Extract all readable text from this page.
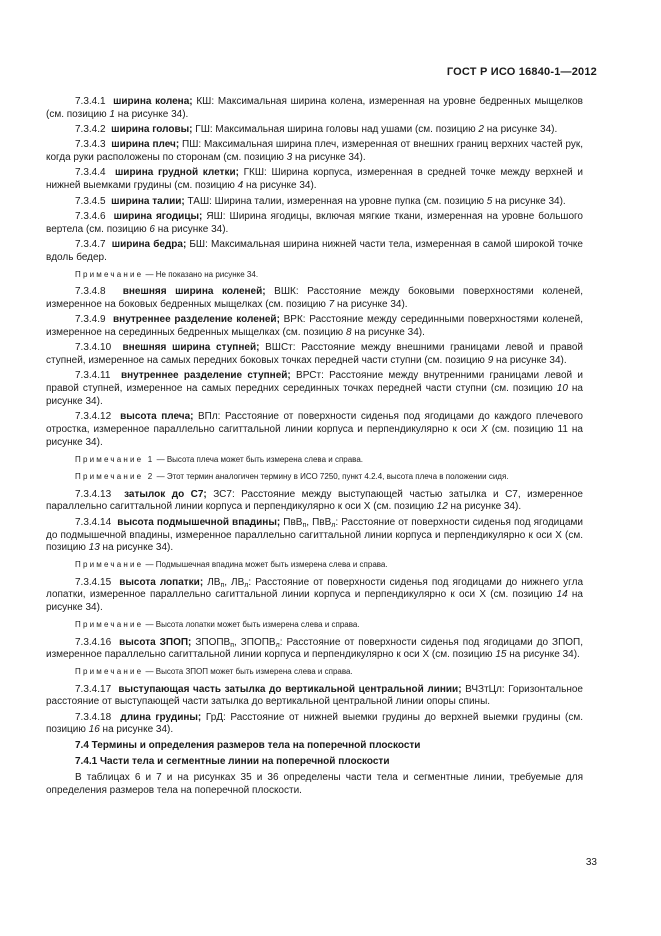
ГОСТ Р ИСО 16840-1—2012

7.3.4.1 ширина колена; КШ: Максимальная ширина колена, измеренная на уровне бедренных мыщелков (см. позицию 1 на рисунке 34).

7.3.4.2 ширина головы; ГШ: Максимальная ширина головы над ушами (см. позицию 2 на рисунке 34).

7.3.4.3 ширина плеч; ПШ: Максимальная ширина плеч, измеренная от внешних границ верхних частей рук, когда руки расположены по сторонам (см. позицию 3 на рисунке 34).

7.3.4.4 ширина грудной клетки; ГКШ: Ширина корпуса, измеренная в средней точке между верхней и нижней выемками грудины (см. позицию 4 на рисунке 34).

7.3.4.5 ширина талии; ТАШ: Ширина талии, измеренная на уровне пупка (см. позицию 5 на рисунке 34).

7.3.4.6 ширина ягодицы; ЯШ: Ширина ягодицы, включая мягкие ткани, измеренная на уровне большого вертела (см. позицию 6 на рисунке 34).

7.3.4.7 ширина бедра; БШ: Максимальная ширина нижней части тела, измеренная в самой широкой точке вдоль бедер.

Примечание — Не показано на рисунке 34.

7.3.4.8 внешняя ширина коленей; ВШК: Расстояние между боковыми поверхностями коленей, измеренное на боковых бедренных мыщелках (см. позицию 7 на рисунке 34).

7.3.4.9 внутреннее разделение коленей; ВРК: Расстояние между серединными поверхностями коленей, измеренное на серединных бедренных мыщелках (см. позицию 8 на рисунке 34).

7.3.4.10 внешняя ширина ступней; ВШСт: Расстояние между внешними границами левой и правой ступней, измеренное на самых передних боковых точках передней части ступни (см. позицию 9 на рисунке 34).

7.3.4.11 внутреннее разделение ступней; ВРСт: Расстояние между внутренними границами левой и правой ступней, измеренное на самых передних серединных точках передней части ступни (см. позицию 10 на рисунке 34).

7.3.4.12 высота плеча; ВПл: Расстояние от поверхности сиденья под ягодицами до каждого плечевого отростка, измеренное параллельно сагиттальной линии корпуса и перпендикулярно к оси X (см. позицию 11 на рисунке 34).

Примечание 1 — Высота плеча может быть измерена слева и справа.

Примечание 2 — Этот термин аналогичен термину в ИСО 7250, пункт 4.2.4, высота плеча в положении сидя.

7.3.4.13 затылок до С7; ЗС7: Расстояние между выступающей частью затылка и С7, измеренное параллельно сагиттальной линии корпуса и перпендикулярно к оси Х (см. позицию 12 на рисунке 34).

7.3.4.14 высота подмышечной впадины; ПвВ$_п$, ПвВ$_л$: Расстояние от поверхности сиденья под ягодицами до подмышечной впадины, измеренное параллельно сагиттальной линии корпуса и перпендикулярно к оси Х (см. позицию 13 на рисунке 34).

Примечание — Подмышечная впадина может быть измерена слева и справа.

7.3.4.15 высота лопатки; $ЛВ_п$, $ЛВ_л$: Расстояние от поверхности сиденья под ягодицами до нижнего угла лопатки, измеренное параллельно сагиттальной линии корпуса и перпендикулярно к оси Х (см. позицию 14 на рисунке 34).

Примечание — Высота лопатки может быть измерена слева и справа.

7.3.4.16 высота ЗПОП; $ЗПОПВ_п$, $ЗПОПВ_л$: Расстояние от поверхности сиденья под ягодицами до ЗПОП, измеренное параллельно сагиттальной линии корпуса и перпендикулярно к оси Х (см. позицию 15 на рисунке 34).

Примечание — Высота ЗПОП может быть измерена слева и справа.

7.3.4.17 выступающая часть затылка до вертикальной центральной линии; ВЧЗтЦл: Горизонтальное расстояние от выступающей части затылка до вертикальной центральной линии опоры спины.

7.3.4.18 длина грудины; ГрД: Расстояние от нижней выемки грудины до верхней выемки грудины (см. позицию 16 на рисунке 34).

7.4 Термины и определения размеров тела на поперечной плоскости

7.4.1 Части тела и сегментные линии на поперечной плоскости

В таблицах 6 и 7 и на рисунках 35 и 36 определены части тела и сегментные линии, требуемые для определения размеров тела на поперечной плоскости.

33
